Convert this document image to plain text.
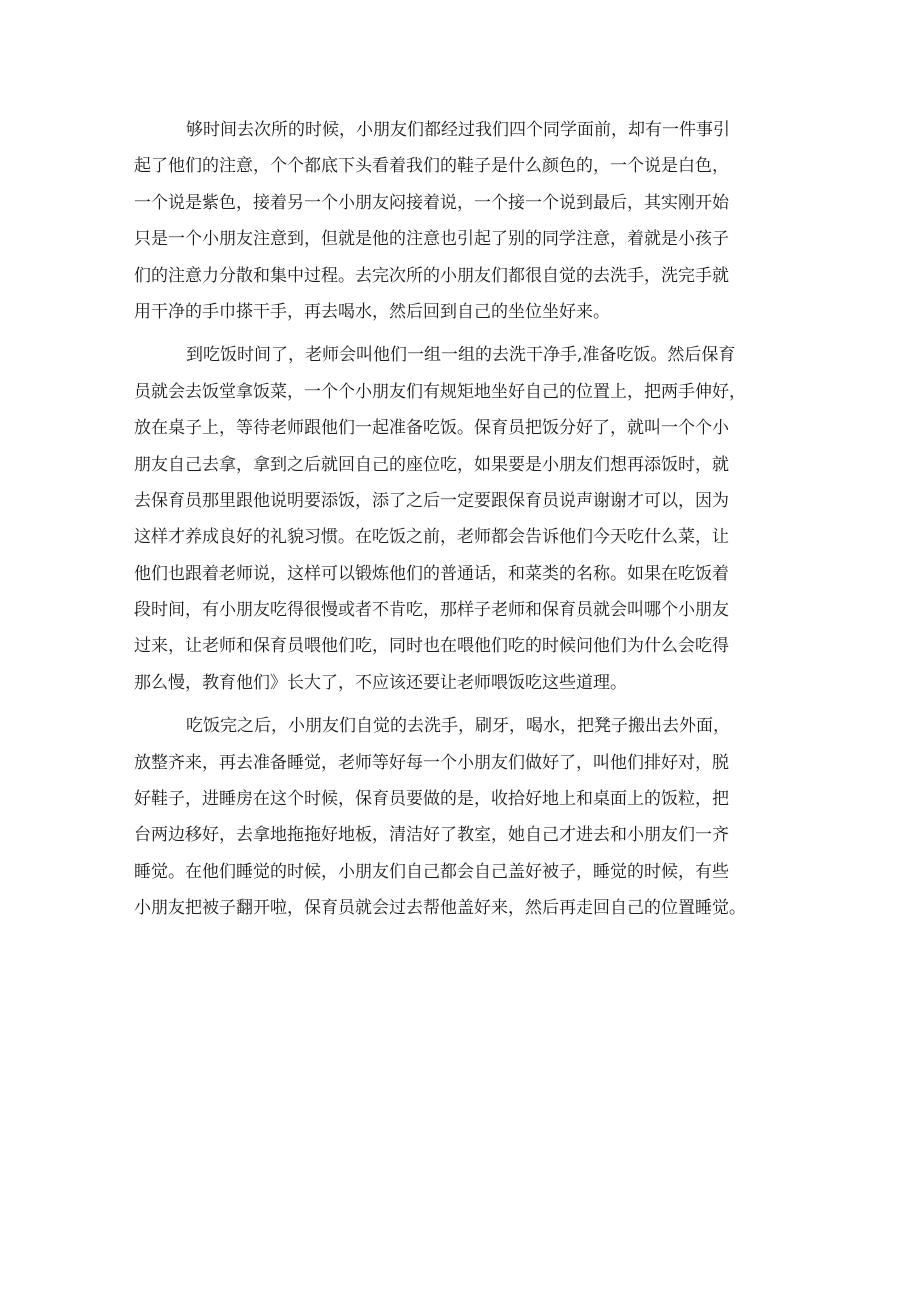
够时间去次所的时候，小朋友们都经过我们四个同学面前，却有一件事引
起了他们的注意，个个都底下头看着我们的鞋子是什么颜色的，一个说是白色，
一个说是紫色，接着另一个小朋友闷接着说，一个接一个说到最后，其实刚开始
只是一个小朋友注意到，但就是他的注意也引起了别的同学注意，着就是小孩子
们的注意力分散和集中过程。去完次所的小朋友们都很自觉的去洗手，洗完手就
用干净的手巾搽干手，再去喝水，然后回到自己的坐位坐好来。
到吃饭时间了，老师会叫他们一组一组的去洗干净手,准备吃饭。然后保育
员就会去饭堂拿饭菜，一个个小朋友们有规矩地坐好自己的位置上，把两手伸好，
放在桌子上，等待老师跟他们一起准备吃饭。保育员把饭分好了，就叫一个个小
朋友自己去拿，拿到之后就回自己的座位吃，如果要是小朋友们想再添饭时，就
去保育员那里跟他说明要添饭，添了之后一定要跟保育员说声谢谢才可以，因为
这样才养成良好的礼貌习惯。在吃饭之前，老师都会告诉他们今天吃什么菜，让
他们也跟着老师说，这样可以锻炼他们的普通话，和菜类的名称。如果在吃饭着
段时间，有小朋友吃得很慢或者不肯吃，那样子老师和保育员就会叫哪个小朋友
过来，让老师和保育员喂他们吃，同时也在喂他们吃的时候问他们为什么会吃得
那么慢，教育他们》长大了，不应该还要让老师喂饭吃这些道理。
吃饭完之后，小朋友们自觉的去洗手，刷牙，喝水，把凳子搬出去外面，
放整齐来，再去准备睡觉，老师等好每一个小朋友们做好了，叫他们排好对，脱
好鞋子，进睡房在这个时候，保育员要做的是，收拾好地上和桌面上的饭粒，把
台两边移好，去拿地拖拖好地板，清洁好了教室，她自己才进去和小朋友们一齐
睡觉。在他们睡觉的时候，小朋友们自己都会自己盖好被子，睡觉的时候，有些
小朋友把被子翻开啦，保育员就会过去帮他盖好来，然后再走回自己的位置睡觉。
